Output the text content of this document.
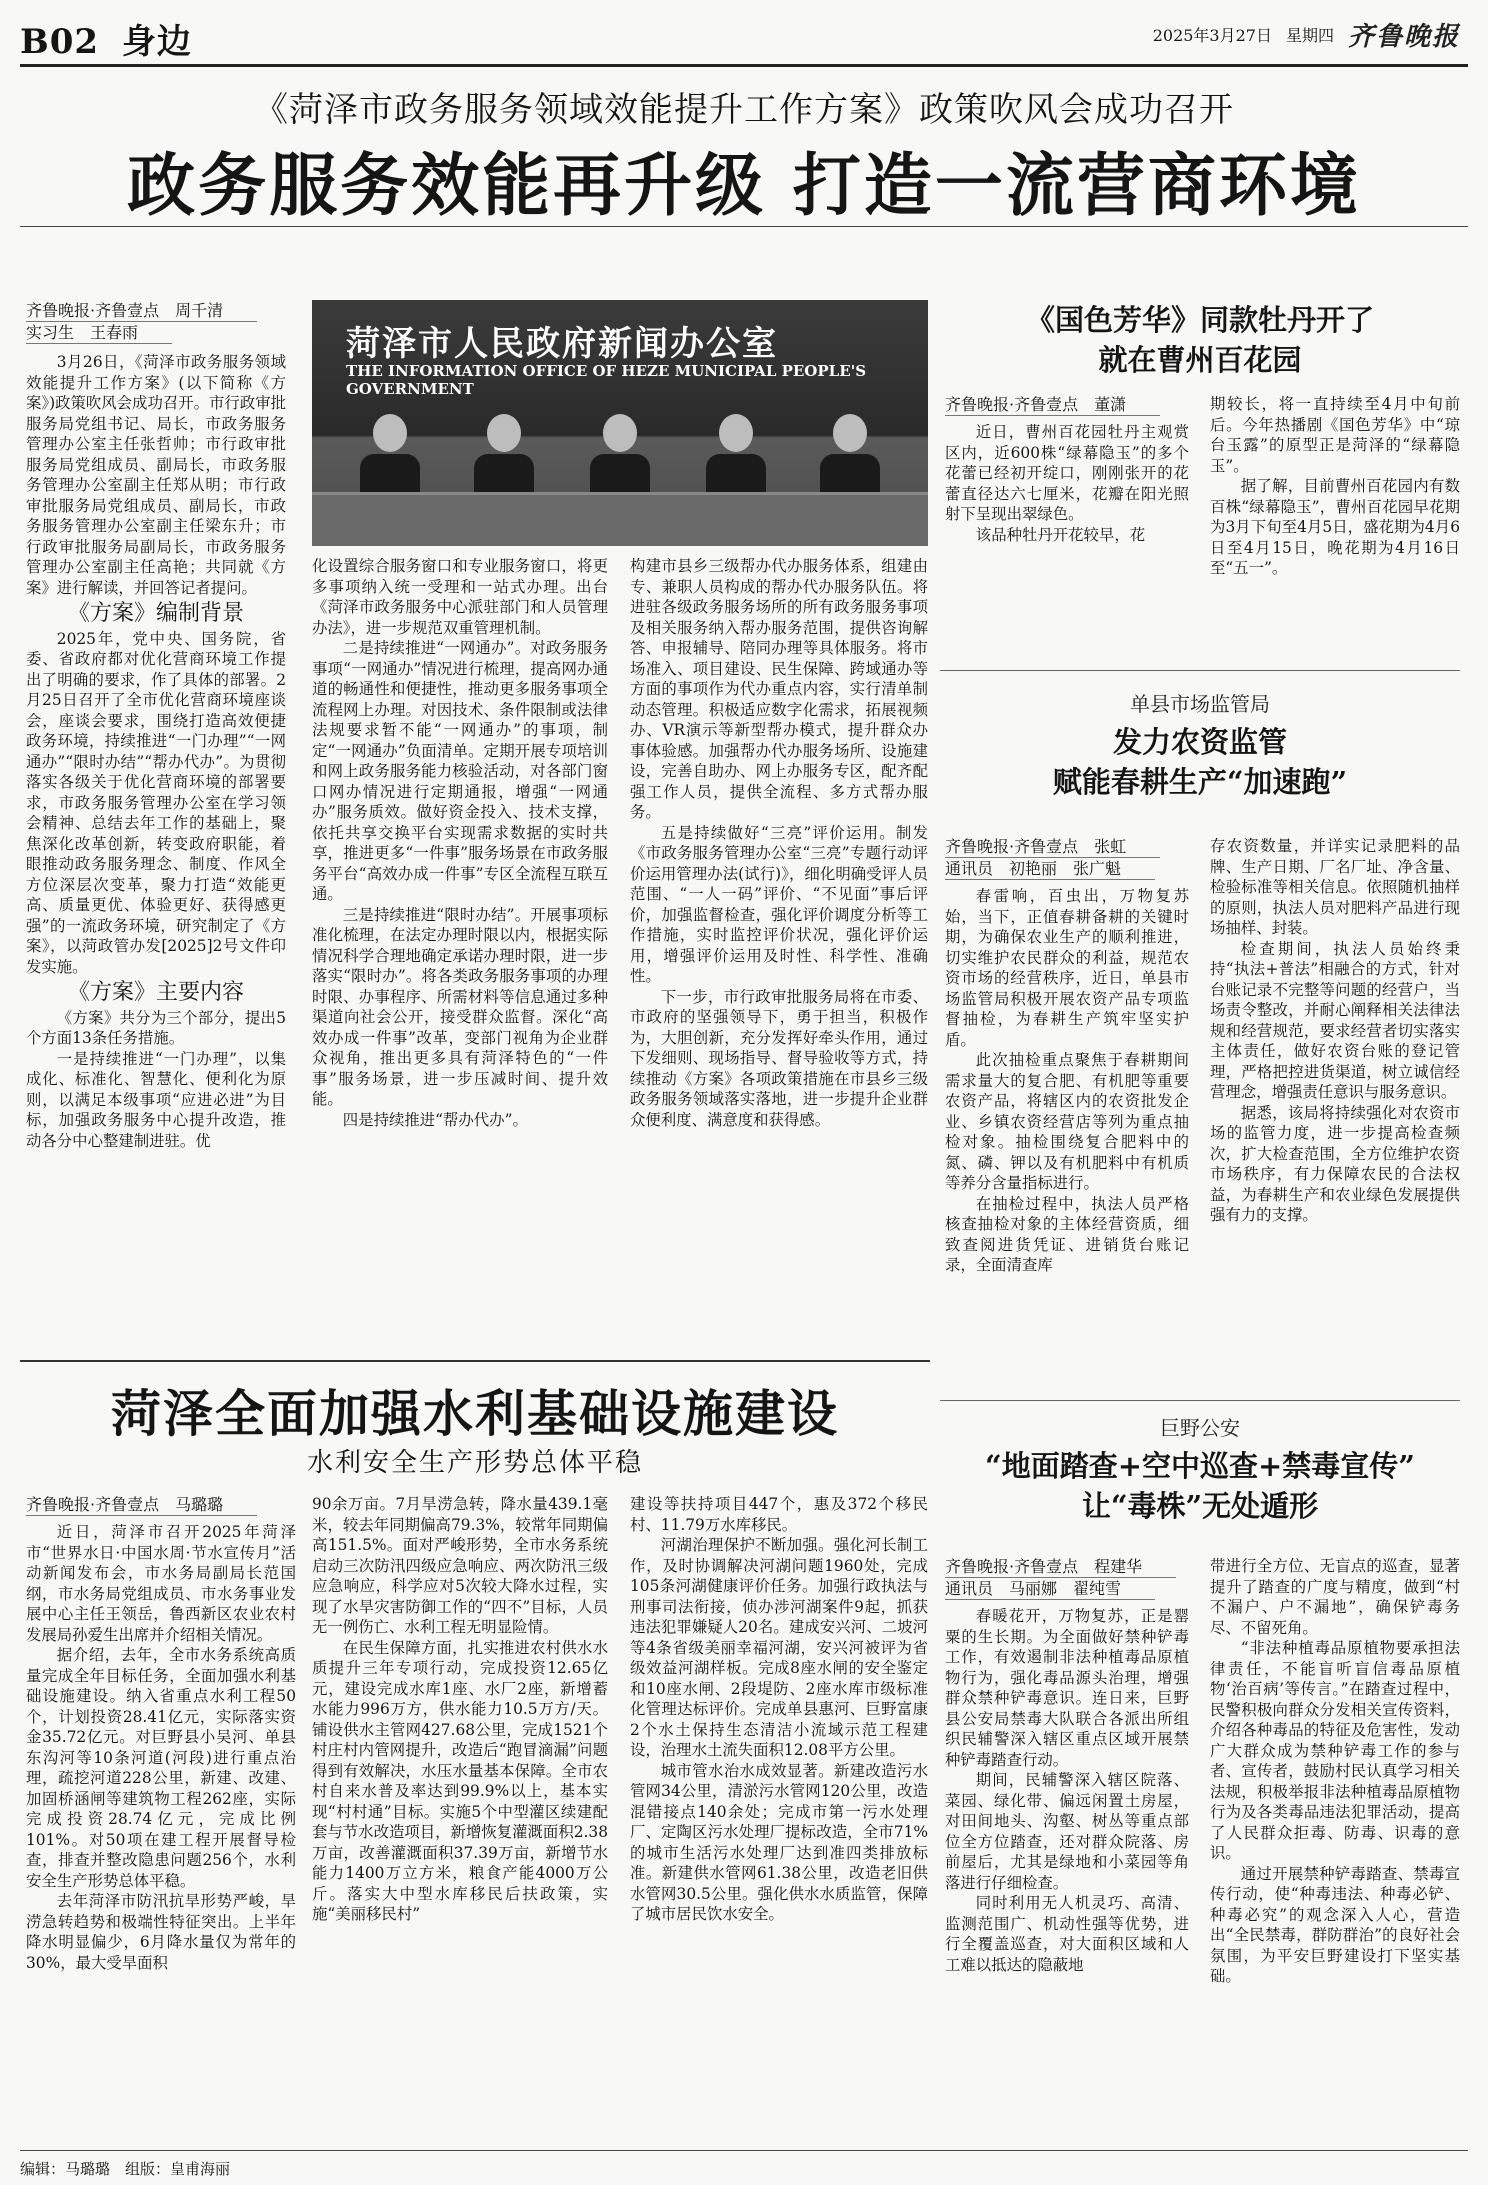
B02 身边	2025年3月27日 星期四 齐鲁晚报
《菏泽市政务服务领域效能提升工作方案》政策吹风会成功召开
政务服务效能再升级 打造一流营商环境
齐鲁晚报·齐鲁壹点　周千清
实习生　王春雨	菏泽市人民政府新闻办公室
THE INFORMATION OFFICE OF HEZE MUNICIPAL PEOPLE'S GOVERNMENT

3月26日，《菏泽市政务服务领域效能提升工作方案》(以下简称《方案》)政策吹风会成功召开。市行政审批服务局党组书记、局长，市政务服务管理办公室主任张哲帅；市行政审批服务局党组成员、副局长，市政务服务管理办公室副主任郑从明；市行政审批服务局党组成员、副局长，市政务服务管理办公室副主任梁东升；市行政审批服务局副局长，市政务服务管理办公室副主任高艳；共同就《方案》进行解读，并回答记者提问。

《方案》编制背景

2025年，党中央、国务院，省委、省政府都对优化营商环境工作提出了明确的要求，作了具体的部署。2月25日召开了全市优化营商环境座谈会，座谈会要求，围绕打造高效便捷政务环境，持续推进“一门办理”“一网通办”“限时办结”“帮办代办”。为贯彻落实各级关于优化营商环境的部署要求，市政务服务管理办公室在学习领会精神、总结去年工作的基础上，聚焦深化改革创新，转变政府职能，着眼推动政务服务理念、制度、作风全方位深层次变革，聚力打造“效能更高、质量更优、体验更好、获得感更强”的一流政务环境，研究制定了《方案》，以菏政管办发[2025]2号文件印发实施。

《方案》主要内容

《方案》共分为三个部分，提出5个方面13条任务措施。

一是持续推进“一门办理”，以集成化、标准化、智慧化、便利化为原则，以满足本级事项“应进必进”为目标，加强政务服务中心提升改造，推动各分中心整建制进驻。优

化设置综合服务窗口和专业服务窗口，将更多事项纳入统一受理和一站式办理。出台《菏泽市政务服务中心派驻部门和人员管理办法》，进一步规范双重管理机制。

二是持续推进“一网通办”。对政务服务事项“一网通办”情况进行梳理，提高网办通道的畅通性和便捷性，推动更多服务事项全流程网上办理。对因技术、条件限制或法律法规要求暂不能“一网通办”的事项，制定“一网通办”负面清单。定期开展专项培训和网上政务服务能力核验活动，对各部门窗口网办情况进行定期通报，增强“一网通办”服务质效。做好资金投入、技术支撑，依托共享交换平台实现需求数据的实时共享，推进更多“一件事”服务场景在市政务服务平台“高效办成一件事”专区全流程互联互通。

三是持续推进“限时办结”。开展事项标准化梳理，在法定办理时限以内，根据实际情况科学合理地确定承诺办理时限，进一步落实“限时办”。将各类政务服务事项的办理时限、办事程序、所需材料等信息通过多种渠道向社会公开，接受群众监督。深化“高效办成一件事”改革，变部门视角为企业群众视角，推出更多具有菏泽特色的“一件事”服务场景，进一步压减时间、提升效能。

四是持续推进“帮办代办”。

构建市县乡三级帮办代办服务体系，组建由专、兼职人员构成的帮办代办服务队伍。将进驻各级政务服务场所的所有政务服务事项及相关服务纳入帮办服务范围，提供咨询解答、申报辅导、陪同办理等具体服务。将市场准入、项目建设、民生保障、跨域通办等方面的事项作为代办重点内容，实行清单制动态管理。积极适应数字化需求，拓展视频办、VR演示等新型帮办模式，提升群众办事体验感。加强帮办代办服务场所、设施建设，完善自助办、网上办服务专区，配齐配强工作人员，提供全流程、多方式帮办服务。

五是持续做好“三亮”评价运用。制发《市政务服务管理办公室“三亮”专题行动评价运用管理办法(试行)》，细化明确受评人员范围、“一人一码”评价、“不见面”事后评价，加强监督检查，强化评价调度分析等工作措施，实时监控评价状况，强化评价运用，增强评价运用及时性、科学性、准确性。

下一步，市行政审批服务局将在市委、市政府的坚强领导下，勇于担当，积极作为，大胆创新，充分发挥好牵头作用，通过下发细则、现场指导、督导验收等方式，持续推动《方案》各项政策措施在市县乡三级政务服务领域落实落地，进一步提升企业群众便利度、满意度和获得感。

《国色芳华》同款牡丹开了
就在曹州百花园
齐鲁晚报·齐鲁壹点　董潇

近日，曹州百花园牡丹主观赏区内，近600株“绿幕隐玉”的多个花蕾已经初开绽口，刚刚张开的花蕾直径达六七厘米，花瓣在阳光照射下呈现出翠绿色。

该品种牡丹开花较早，花

期较长，将一直持续至4月中旬前后。今年热播剧《国色芳华》中“琼台玉露”的原型正是菏泽的“绿幕隐玉”。

据了解，目前曹州百花园内有数百株“绿幕隐玉”，曹州百花园早花期为3月下旬至4月5日，盛花期为4月6日至4月15日，晚花期为4月16日至“五一”。

单县市场监管局
发力农资监管
赋能春耕生产“加速跑”
齐鲁晚报·齐鲁壹点　张虹
通讯员　初艳丽　张广魁

春雷响，百虫出，万物复苏始，当下，正值春耕备耕的关键时期，为确保农业生产的顺利推进，切实维护农民群众的利益，规范农资市场的经营秩序，近日，单县市场监管局积极开展农资产品专项监督抽检，为春耕生产筑牢坚实护盾。

此次抽检重点聚焦于春耕期间需求量大的复合肥、有机肥等重要农资产品，将辖区内的农资批发企业、乡镇农资经营店等列为重点抽检对象。抽检围绕复合肥料中的氮、磷、钾以及有机肥料中有机质等养分含量指标进行。

在抽检过程中，执法人员严格核查抽检对象的主体经营资质，细致查阅进货凭证、进销货台账记录，全面清查库

存农资数量，并详实记录肥料的品牌、生产日期、厂名厂址、净含量、检验标准等相关信息。依照随机抽样的原则，执法人员对肥料产品进行现场抽样、封装。

检查期间，执法人员始终秉持“执法+普法”相融合的方式，针对台账记录不完整等问题的经营户，当场责令整改，并耐心阐释相关法律法规和经营规范，要求经营者切实落实主体责任，做好农资台账的登记管理，严格把控进货渠道，树立诚信经营理念，增强责任意识与服务意识。

据悉，该局将持续强化对农资市场的监管力度，进一步提高检查频次，扩大检查范围，全方位维护农资市场秩序，有力保障农民的合法权益，为春耕生产和农业绿色发展提供强有力的支撑。

菏泽全面加强水利基础设施建设
水利安全生产形势总体平稳
齐鲁晚报·齐鲁壹点　马璐璐

近日，菏泽市召开2025年菏泽市“世界水日·中国水周·节水宣传月”活动新闻发布会，市水务局副局长范国纲，市水务局党组成员、市水务事业发展中心主任王领岳，鲁西新区农业农村发展局孙爱生出席并介绍相关情况。

据介绍，去年，全市水务系统高质量完成全年目标任务，全面加强水利基础设施建设。纳入省重点水利工程50个，计划投资28.41亿元，实际落实资金35.72亿元。对巨野县小吴河、单县东沟河等10条河道(河段)进行重点治理，疏挖河道228公里，新建、改建、加固桥涵闸等建筑物工程262座，实际完成投资28.74亿元，完成比例101%。对50项在建工程开展督导检查，排查并整改隐患问题256个，水利安全生产形势总体平稳。

去年菏泽市防汛抗旱形势严峻，旱涝急转趋势和极端性特征突出。上半年降水明显偏少，6月降水量仅为常年的30%，最大受旱面积

90余万亩。7月旱涝急转，降水量439.1毫米，较去年同期偏高79.3%，较常年同期偏高151.5%。面对严峻形势，全市水务系统启动三次防汛四级应急响应、两次防汛三级应急响应，科学应对5次较大降水过程，实现了水旱灾害防御工作的“四不”目标，人员无一例伤亡、水利工程无明显险情。

在民生保障方面，扎实推进农村供水水质提升三年专项行动，完成投资12.65亿元，建设完成水库1座、水厂2座，新增蓄水能力996万方，供水能力10.5万方/天。铺设供水主管网427.68公里，完成1521个村庄村内管网提升，改造后“跑冒滴漏”问题得到有效解决，水压水量基本保障。全市农村自来水普及率达到99.9%以上，基本实现“村村通”目标。实施5个中型灌区续建配套与节水改造项目，新增恢复灌溉面积2.38万亩，改善灌溉面积37.39万亩，新增节水能力1400万立方米，粮食产能4000万公斤。落实大中型水库移民后扶政策，实施“美丽移民村”

建设等扶持项目447个，惠及372个移民村、11.79万水库移民。

河湖治理保护不断加强。强化河长制工作，及时协调解决河湖问题1960处，完成105条河湖健康评价任务。加强行政执法与刑事司法衔接，侦办涉河湖案件9起，抓获违法犯罪嫌疑人20名。建成安兴河、二坡河等4条省级美丽幸福河湖，安兴河被评为省级效益河湖样板。完成8座水闸的安全鉴定和10座水闸、2段堤防、2座水库市级标准化管理达标评价。完成单县惠河、巨野富康2个水土保持生态清洁小流域示范工程建设，治理水土流失面积12.08平方公里。

城市管水治水成效显著。新建改造污水管网34公里，清淤污水管网120公里，改造混错接点140余处；完成市第一污水处理厂、定陶区污水处理厂提标改造，全市71%的城市生活污水处理厂达到准四类排放标准。新建供水管网61.38公里，改造老旧供水管网30.5公里。强化供水水质监管，保障了城市居民饮水安全。

巨野公安
“地面踏查+空中巡查+禁毒宣传”
让“毒株”无处遁形
齐鲁晚报·齐鲁壹点　程建华
通讯员　马丽娜　翟纯雪

春暖花开，万物复苏，正是罂粟的生长期。为全面做好禁种铲毒工作，有效遏制非法种植毒品原植物行为，强化毒品源头治理，增强群众禁种铲毒意识。连日来，巨野县公安局禁毒大队联合各派出所组织民辅警深入辖区重点区域开展禁种铲毒踏查行动。

期间，民辅警深入辖区院落、菜园、绿化带、偏远闲置土房屋，对田间地头、沟壑、树丛等重点部位全方位踏查，还对群众院落、房前屋后，尤其是绿地和小菜园等角落进行仔细检查。

同时利用无人机灵巧、高清、监测范围广、机动性强等优势，进行全覆盖巡查，对大面积区域和人工难以抵达的隐蔽地

带进行全方位、无盲点的巡查，显著提升了踏查的广度与精度，做到“村不漏户、户不漏地”，确保铲毒务尽、不留死角。

“非法种植毒品原植物要承担法律责任，不能盲听盲信毒品原植物‘治百病’等传言。”在踏查过程中，民警积极向群众分发相关宣传资料，介绍各种毒品的特征及危害性，发动广大群众成为禁种铲毒工作的参与者、宣传者，鼓励村民认真学习相关法规，积极举报非法种植毒品原植物行为及各类毒品违法犯罪活动，提高了人民群众拒毒、防毒、识毒的意识。

通过开展禁种铲毒踏查、禁毒宣传行动，使“种毒违法、种毒必铲、种毒必究”的观念深入人心，营造出“全民禁毒，群防群治”的良好社会氛围，为平安巨野建设打下坚实基础。

编辑：马璐璐　组版：皇甫海丽
